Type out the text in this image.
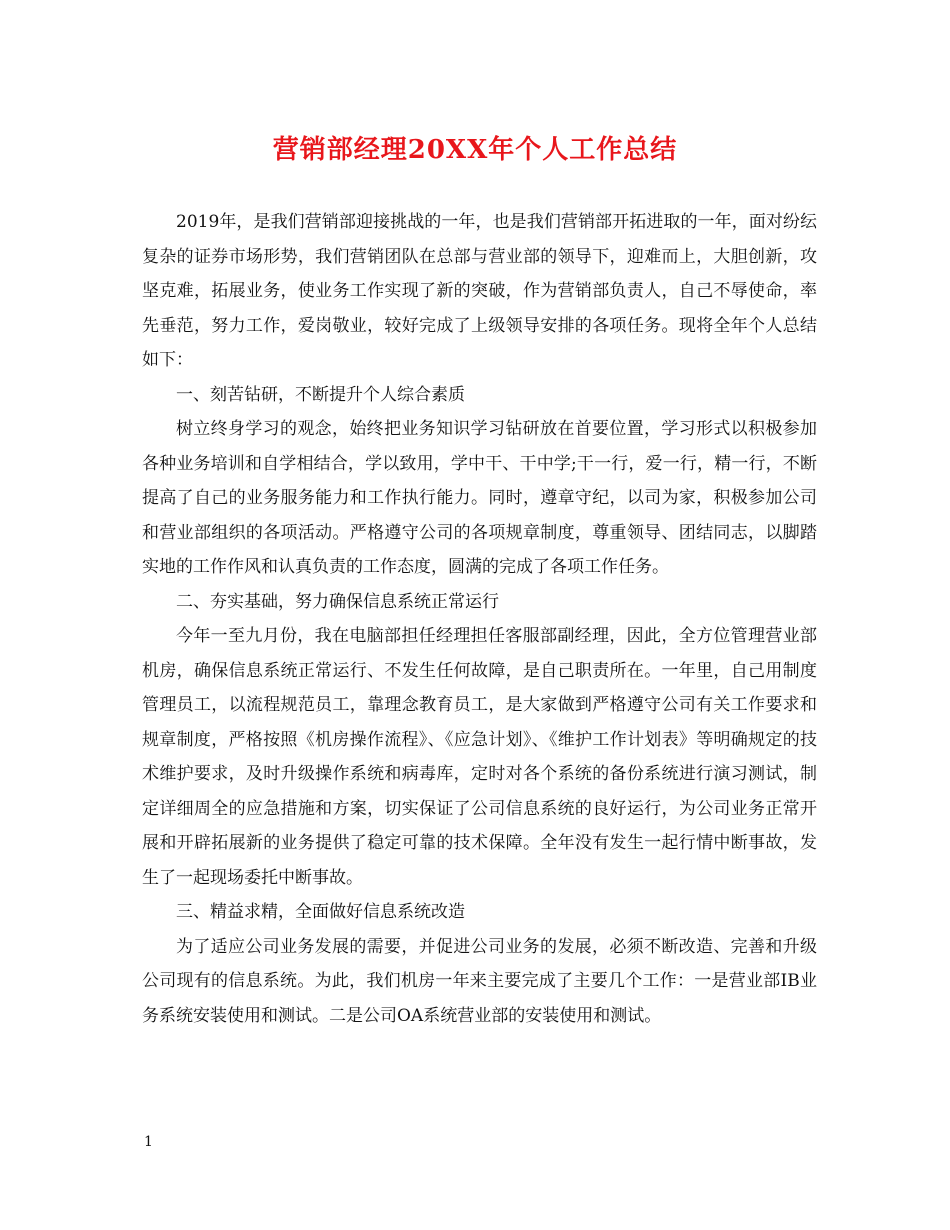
营销部经理20XX年个人工作总结

2019年，是我们营销部迎接挑战的一年，也是我们营销部开拓进取的一年，面对纷纭复杂的证券市场形势，我们营销团队在总部与营业部的领导下，迎难而上，大胆创新，攻坚克难，拓展业务，使业务工作实现了新的突破，作为营销部负责人，自己不辱使命，率先垂范，努力工作，爱岗敬业，较好完成了上级领导安排的各项任务。现将全年个人总结如下：

一、刻苦钻研，不断提升个人综合素质

树立终身学习的观念，始终把业务知识学习钻研放在首要位置，学习形式以积极参加各种业务培训和自学相结合，学以致用，学中干、干中学;干一行，爱一行，精一行，不断提高了自己的业务服务能力和工作执行能力。同时，遵章守纪，以司为家，积极参加公司和营业部组织的各项活动。严格遵守公司的各项规章制度，尊重领导、团结同志，以脚踏实地的工作作风和认真负责的工作态度，圆满的完成了各项工作任务。

二、夯实基础，努力确保信息系统正常运行

今年一至九月份，我在电脑部担任经理担任客服部副经理，因此，全方位管理营业部机房，确保信息系统正常运行、不发生任何故障，是自己职责所在。一年里，自己用制度管理员工，以流程规范员工，靠理念教育员工，是大家做到严格遵守公司有关工作要求和规章制度，严格按照《机房操作流程》、《应急计划》、《维护工作计划表》等明确规定的技术维护要求，及时升级操作系统和病毒库，定时对各个系统的备份系统进行演习测试，制定详细周全的应急措施和方案，切实保证了公司信息系统的良好运行，为公司业务正常开展和开辟拓展新的业务提供了稳定可靠的技术保障。全年没有发生一起行情中断事故，发生了一起现场委托中断事故。

三、精益求精，全面做好信息系统改造

为了适应公司业务发展的需要，并促进公司业务的发展，必须不断改造、完善和升级公司现有的信息系统。为此，我们机房一年来主要完成了主要几个工作：一是营业部IB业务系统安装使用和测试。二是公司OA系统营业部的安装使用和测试。

1
